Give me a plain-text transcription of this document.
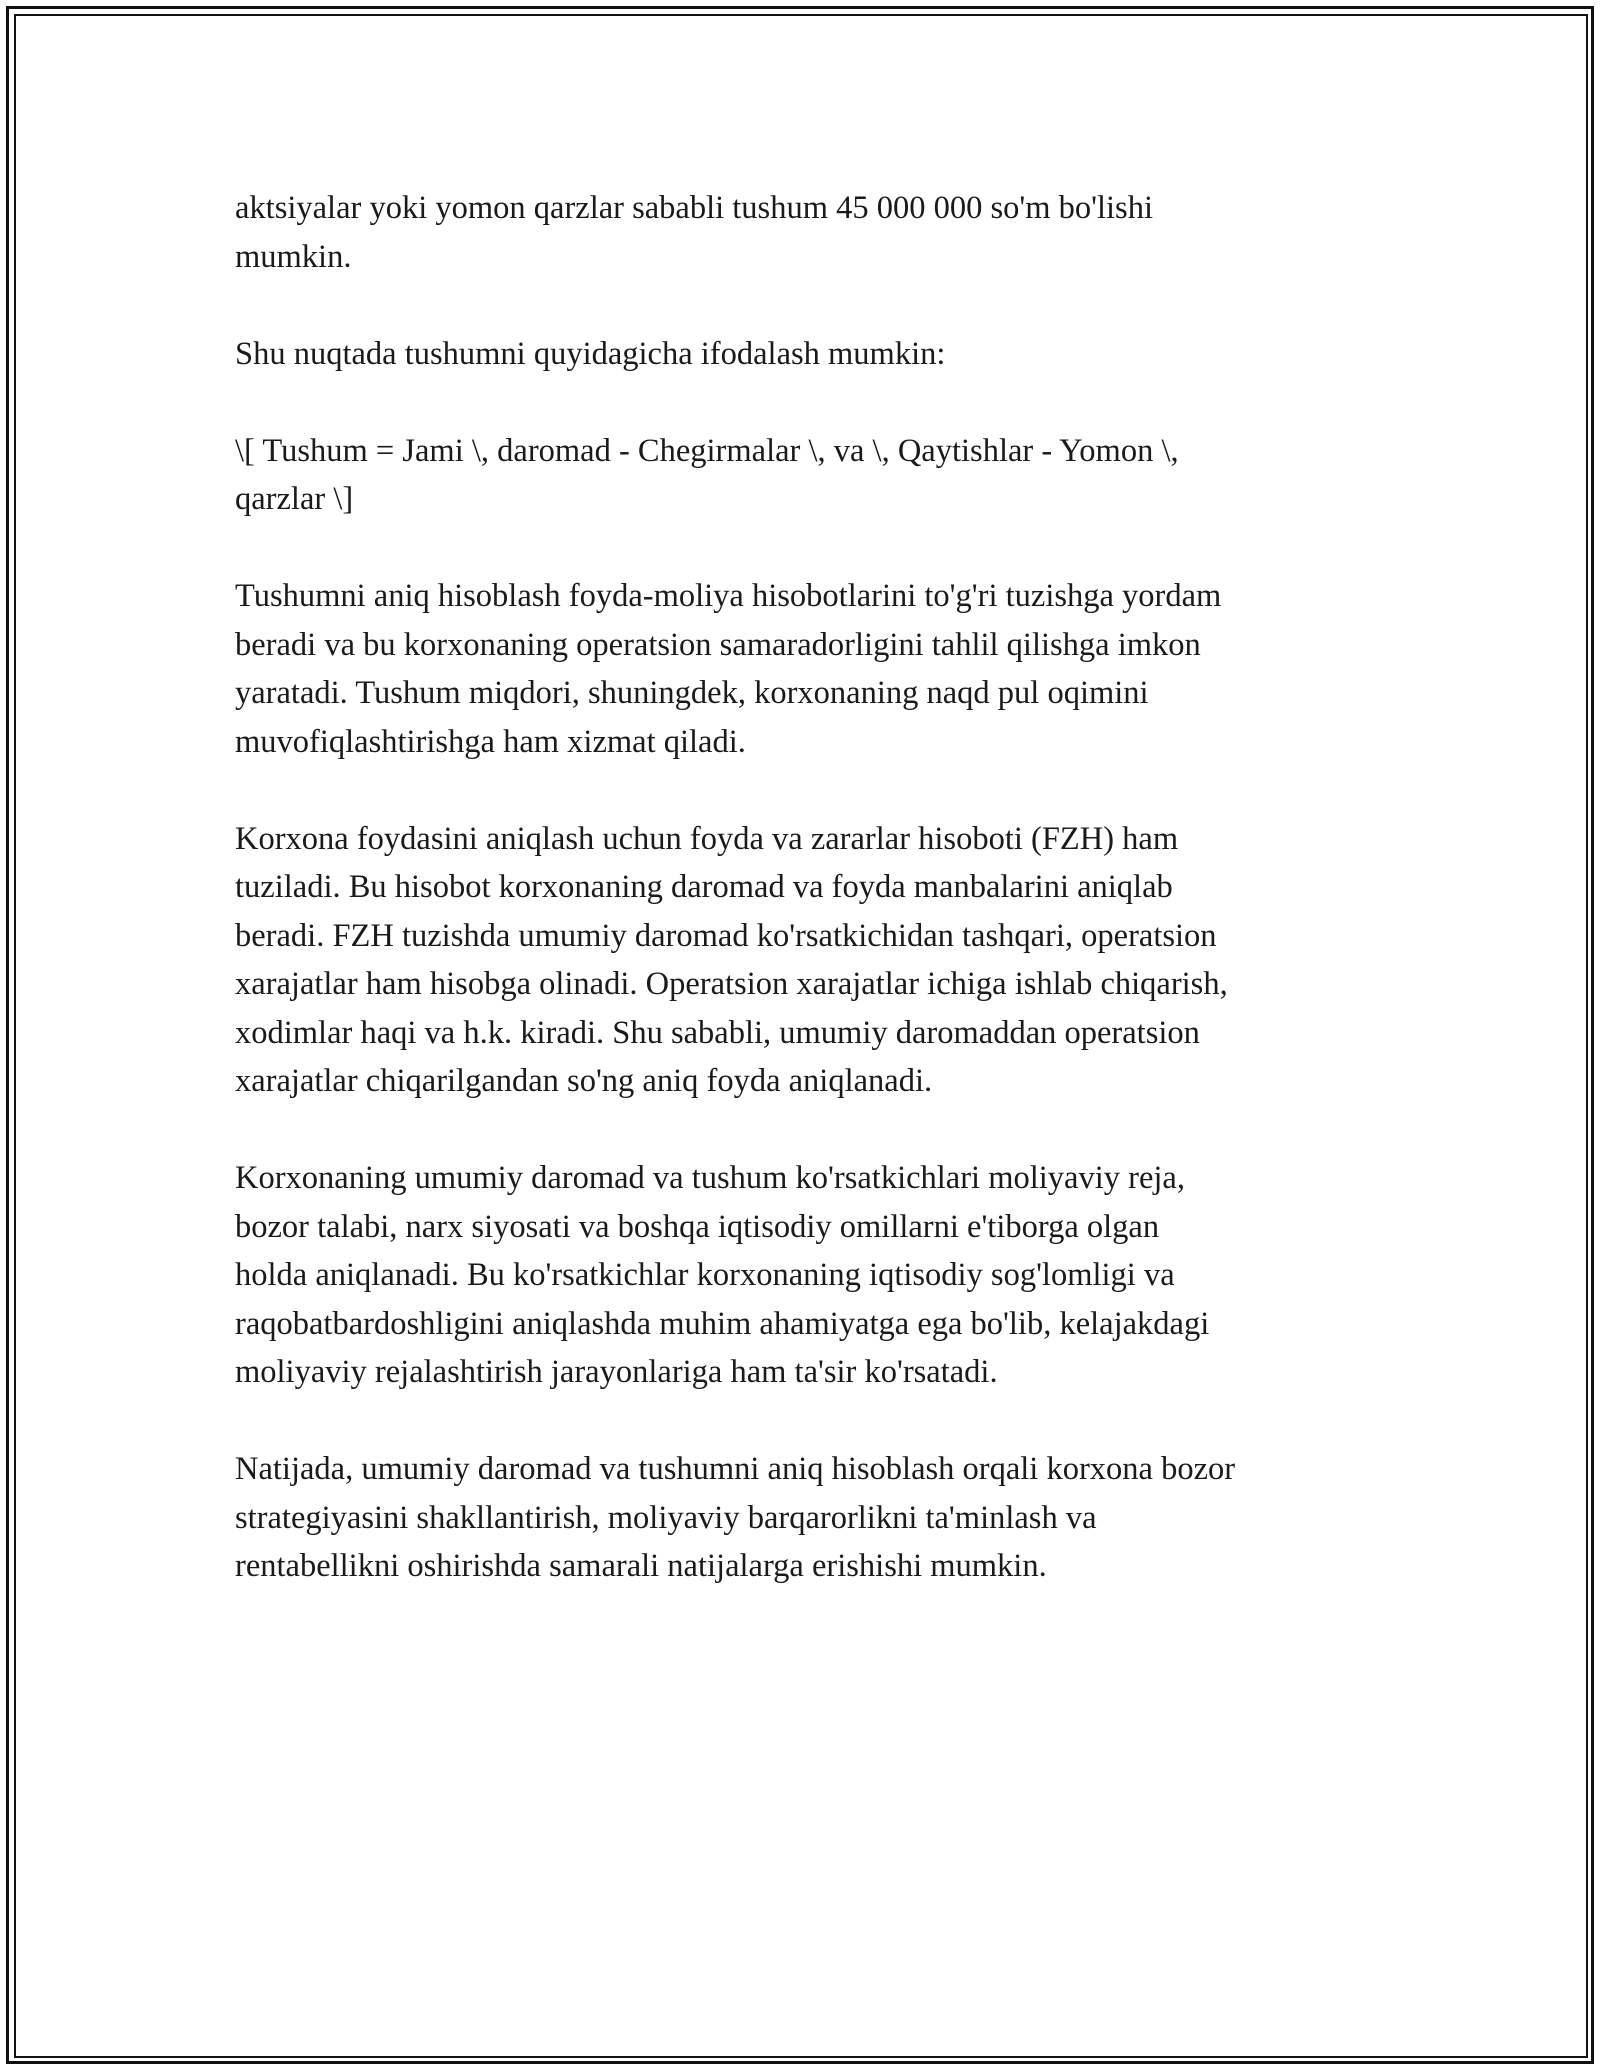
aktsiyalar yoki yomon qarzlar sababli tushum 45 000 000 so'm bo'lishi
mumkin.

Shu nuqtada tushumni quyidagicha ifodalash mumkin:

\[ Tushum = Jami \, daromad - Chegirmalar \, va \, Qaytishlar - Yomon \,
qarzlar \]

Tushumni aniq hisoblash foyda-moliya hisobotlarini to'g'ri tuzishga yordam
beradi va bu korxonaning operatsion samaradorligini tahlil qilishga imkon
yaratadi. Tushum miqdori, shuningdek, korxonaning naqd pul oqimini
muvofiqlashtirishga ham xizmat qiladi.

Korxona foydasini aniqlash uchun foyda va zararlar hisoboti (FZH) ham
tuziladi. Bu hisobot korxonaning daromad va foyda manbalarini aniqlab
beradi. FZH tuzishda umumiy daromad ko'rsatkichidan tashqari, operatsion
xarajatlar ham hisobga olinadi. Operatsion xarajatlar ichiga ishlab chiqarish,
xodimlar haqi va h.k. kiradi. Shu sababli, umumiy daromaddan operatsion
xarajatlar chiqarilgandan so'ng aniq foyda aniqlanadi.

Korxonaning umumiy daromad va tushum ko'rsatkichlari moliyaviy reja,
bozor talabi, narx siyosati va boshqa iqtisodiy omillarni e'tiborga olgan
holda aniqlanadi. Bu ko'rsatkichlar korxonaning iqtisodiy sog'lomligi va
raqobatbardoshligini aniqlashda muhim ahamiyatga ega bo'lib, kelajakdagi
moliyaviy rejalashtirish jarayonlariga ham ta'sir ko'rsatadi.

Natijada, umumiy daromad va tushumni aniq hisoblash orqali korxona bozor
strategiyasini shakllantirish, moliyaviy barqarorlikni ta'minlash va
rentabellikni oshirishda samarali natijalarga erishishi mumkin.
